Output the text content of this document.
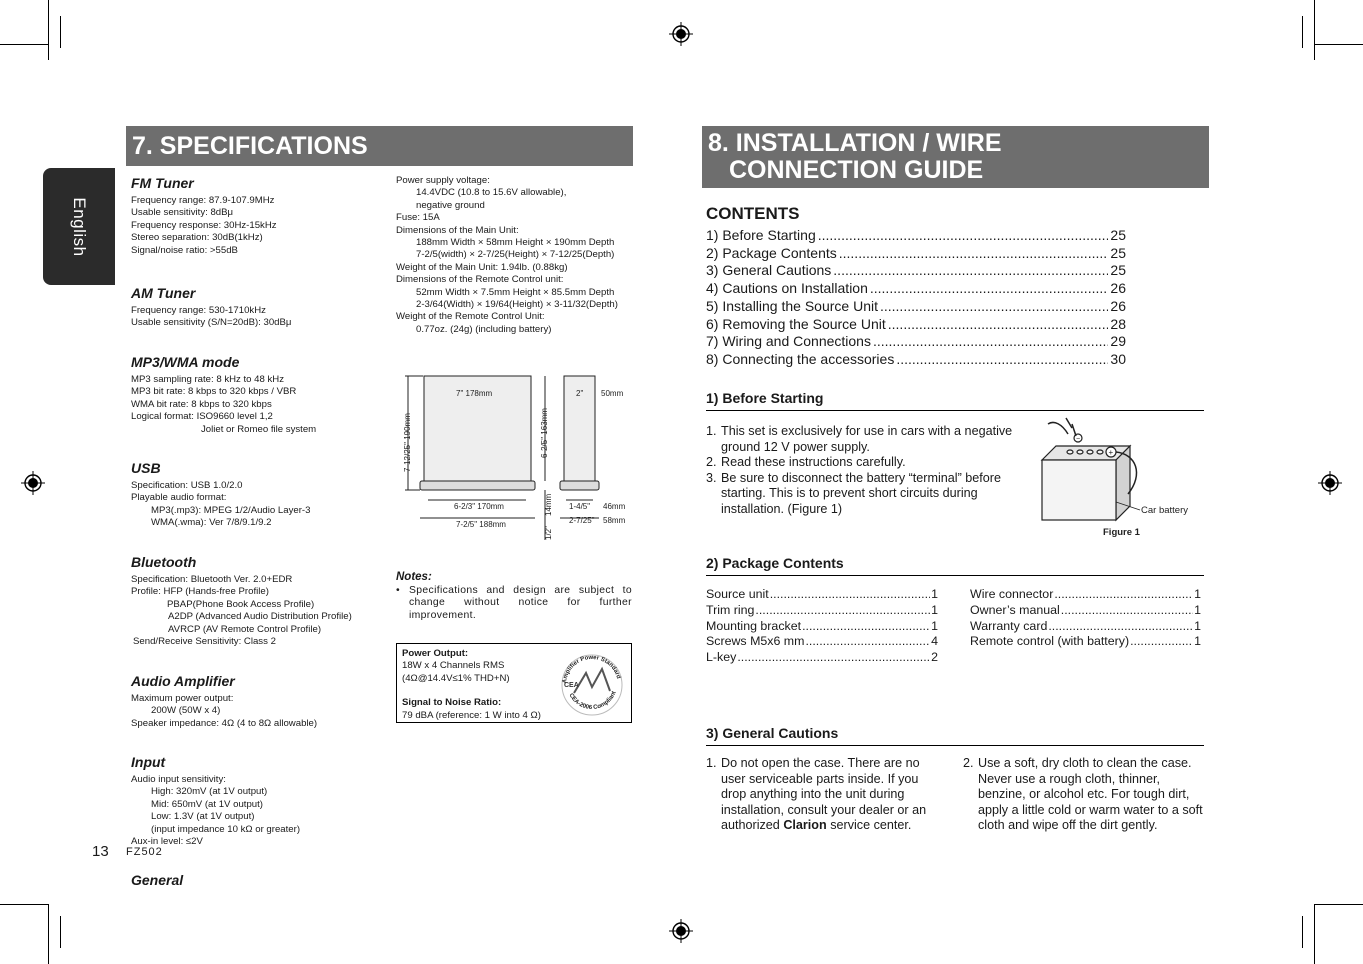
English
7. SPECIFICATIONS
FM Tuner
Frequency range: 87.9-107.9MHz
Usable sensitivity: 8dBμ
Frequency response: 30Hz-15kHz
Stereo separation: 30dB(1kHz)
Signal/noise ratio: >55dB
AM Tuner
Frequency range: 530-1710kHz
Usable sensitivity (S/N=20dB): 30dBμ
MP3/WMA mode
MP3 sampling rate: 8 kHz to 48 kHz
MP3 bit rate: 8 kbps to 320 kbps / VBR
WMA bit rate: 8 kbps to 320 kbps
Logical format: ISO9660 level 1,2
Joliet or Romeo file system
USB
Specification: USB 1.0/2.0
Playable audio format:
MP3(.mp3): MPEG 1/2/Audio Layer-3
WMA(.wma): Ver 7/8/9.1/9.2
Bluetooth
Specification: Bluetooth Ver. 2.0+EDR
Profile: HFP (Hands-free Profile)
PBAP(Phone Book Access Profile)
A2DP (Advanced Audio Distribution Profile)
AVRCP (AV Remote Control Profile)
Send/Receive Sensitivity: Class 2
Audio Amplifier
Maximum power output:
200W (50W x 4)
Speaker impedance: 4Ω (4 to 8Ω allowable)
Input
Audio input sensitivity:
High: 320mV (at 1V output)
Mid: 650mV (at 1V output)
Low: 1.3V (at 1V output)
(input impedance 10 kΩ or greater)
Aux-in level: ≤2V
General
13 FZ502
Power supply voltage:
14.4VDC (10.8 to 15.6V allowable),
negative ground
Fuse: 15A
Dimensions of the Main Unit:
188mm Width × 58mm Height × 190mm Depth
7-2/5(width) × 2-7/25(Height) × 7-12/25(Depth)
Weight of the Main Unit: 1.94lb. (0.88kg)
Dimensions of the Remote Control unit:
52mm Width × 7.5mm Height × 85.5mm Depth
2-3/64(Width) × 19/64(Height) × 3-11/32(Depth)
Weight of the Remote Control Unit:
0.77oz. (24g) (including battery)
7" 178mm
6-2/5" 163mm
7-12/25" 190mm
6-2/3" 170mm
7-2/5" 188mm
14mm
1/2"
2" 50mm
1-4/5"
2-7/25"
46mm
58mm
Notes:
• Specifications and design are subject to change without notice for further improvement.
Power Output:
18W x 4 Channels RMS
(4Ω@14.4V≤1% THD+N)
Signal to Noise Ratio:
79 dBA (reference: 1 W into 4 Ω)
Amplifier Power Standard
CEA-2006 Compliant
CEA
8. INSTALLATION / WIRE
CONNECTION GUIDE
CONTENTS
1) Before Starting .....	25
2) Package Contents .....	25
3) General Cautions .....	25
4) Cautions on Installation .....	26
5) Installing the Source Unit .....	26
6) Removing the Source Unit .....	28
7) Wiring and Connections .....	29
8) Connecting the accessories .....	30
1) Before Starting
1. This set is exclusively for use in cars with a negative ground 12 V power supply.
2. Read these instructions carefully.
3. Be sure to disconnect the battery “terminal” before starting. This is to prevent short circuits during installation. (Figure 1)
−
+
Car battery
Figure 1
2) Package Contents
Source unit .....	1
Trim ring .....	1
Mounting bracket .....	1
Screws M5x6 mm .....	4
L-key .....	2
Wire connector .....	1
Owner’s manual .....	1
Warranty card .....	1
Remote control (with battery) .....	1
3) General Cautions
1. Do not open the case. There are no user serviceable parts inside. If you drop anything into the unit during installation, consult your dealer or an authorized Clarion service center.
2. Use a soft, dry cloth to clean the case. Never use a rough cloth, thinner, benzine, or alcohol etc. For tough dirt, apply a little cold or warm water to a soft cloth and wipe off the dirt gently.
